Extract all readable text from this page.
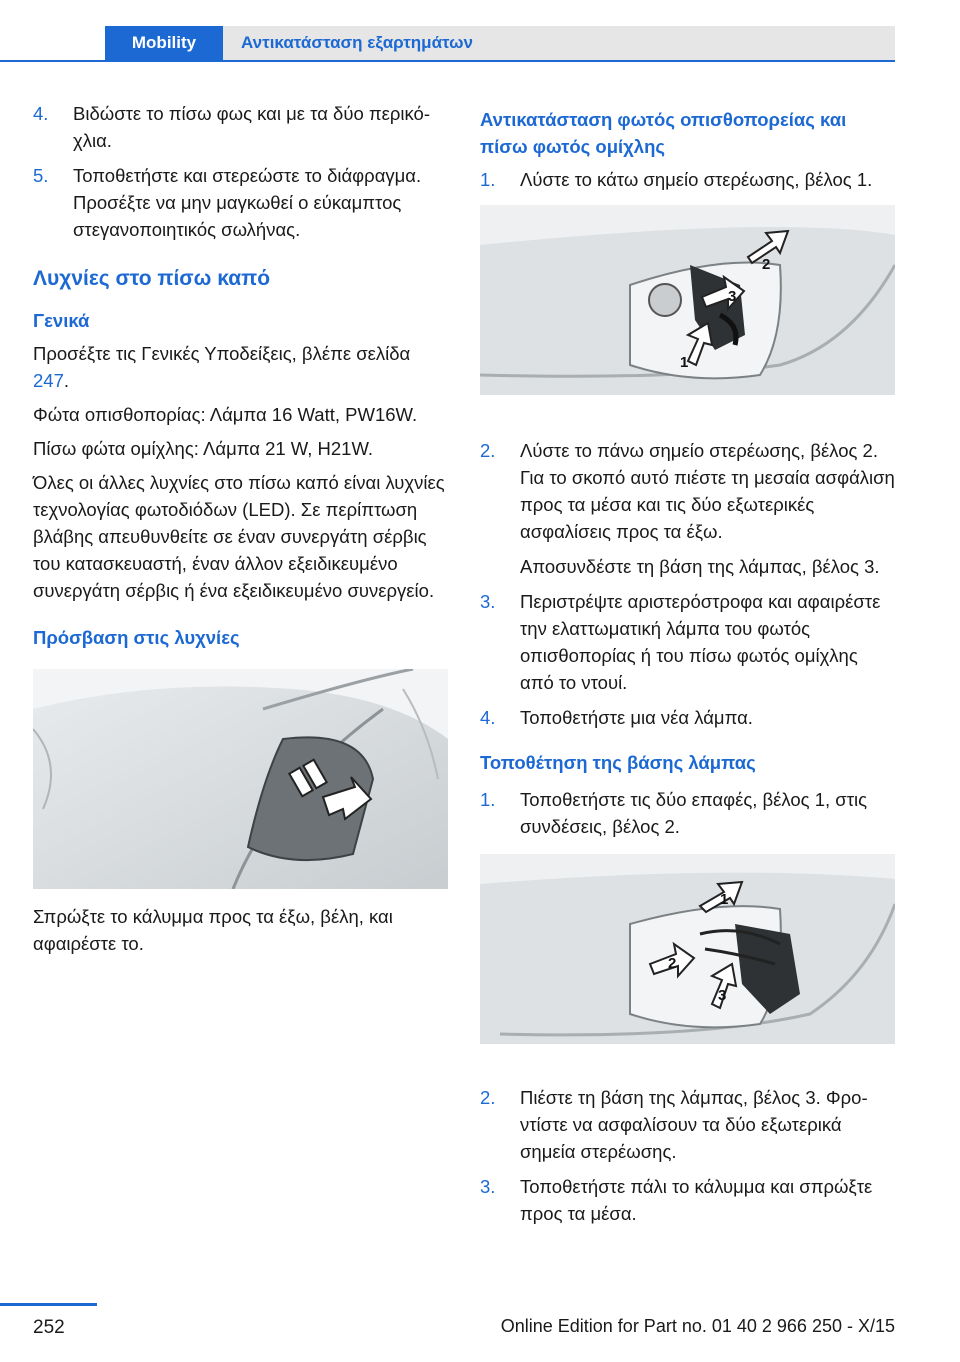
Mobility	Αντικατάσταση εξαρτημάτων
4.	Βιδώστε το πίσω φως και με τα δύο περικόχλια.
5.	Τοποθετήστε και στερεώστε το διάφραγμα. Προσέξτε να μην μαγκωθεί ο εύκαμπτος στεγανοποιητικός σωλήνας.
Λυχνίες στο πίσω καπό
Γενικά

Προσέξτε τις Γενικές Υποδείξεις, βλέπε σελίδα 247.

Φώτα οπισθοπορίας: Λάμπα 16 Watt, PW16W.

Πίσω φώτα ομίχλης: Λάμπα 21 W, H21W.

Όλες οι άλλες λυχνίες στο πίσω καπό είναι λυχνίες τεχνολογίας φωτοδιόδων (LED). Σε περίπτωση βλάβης απευθυνθείτε σε έναν συνεργάτη σέρβις του κατασκευαστή, έναν άλλον εξειδικευμένο συνεργάτη σέρβις ή ένα εξειδικευμένο συνεργείο.

Πρόσβαση στις λυχνίες

Σπρώξτε το κάλυμμα προς τα έξω, βέλη, και αφαιρέστε το.

Αντικατάσταση φωτός οπισθοπορείας και πίσω φωτός ομίχλης
1.	Λύστε το κάτω σημείο στερέωσης, βέλος 1.
2
3
1
2.	Λύστε το πάνω σημείο στερέωσης, βέλος 2. Για το σκοπό αυτό πιέστε τη μεσαία ασφάλιση προς τα μέσα και τις δύο εξωτερικές ασφαλίσεις προς τα έξω.
Αποσυνδέστε τη βάση της λάμπας, βέλος 3.
3.	Περιστρέψτε αριστερόστροφα και αφαιρέστε την ελαττωματική λάμπα του φωτός οπισθοπορίας ή του πίσω φωτός ομίχλης από το ντουί.
4.	Τοποθετήστε μια νέα λάμπα.
Τοποθέτηση της βάσης λάμπας
1.	Τοποθετήστε τις δύο επαφές, βέλος 1, στις συνδέσεις, βέλος 2.
1
2
3
2.	Πιέστε τη βάση της λάμπας, βέλος 3. Φροντίστε να ασφαλίσουν τα δύο εξωτερικά σημεία στερέωσης.
3.	Τοποθετήστε πάλι το κάλυμμα και σπρώξτε προς τα μέσα.
252	Online Edition for Part no. 01 40 2 966 250 - X/15
